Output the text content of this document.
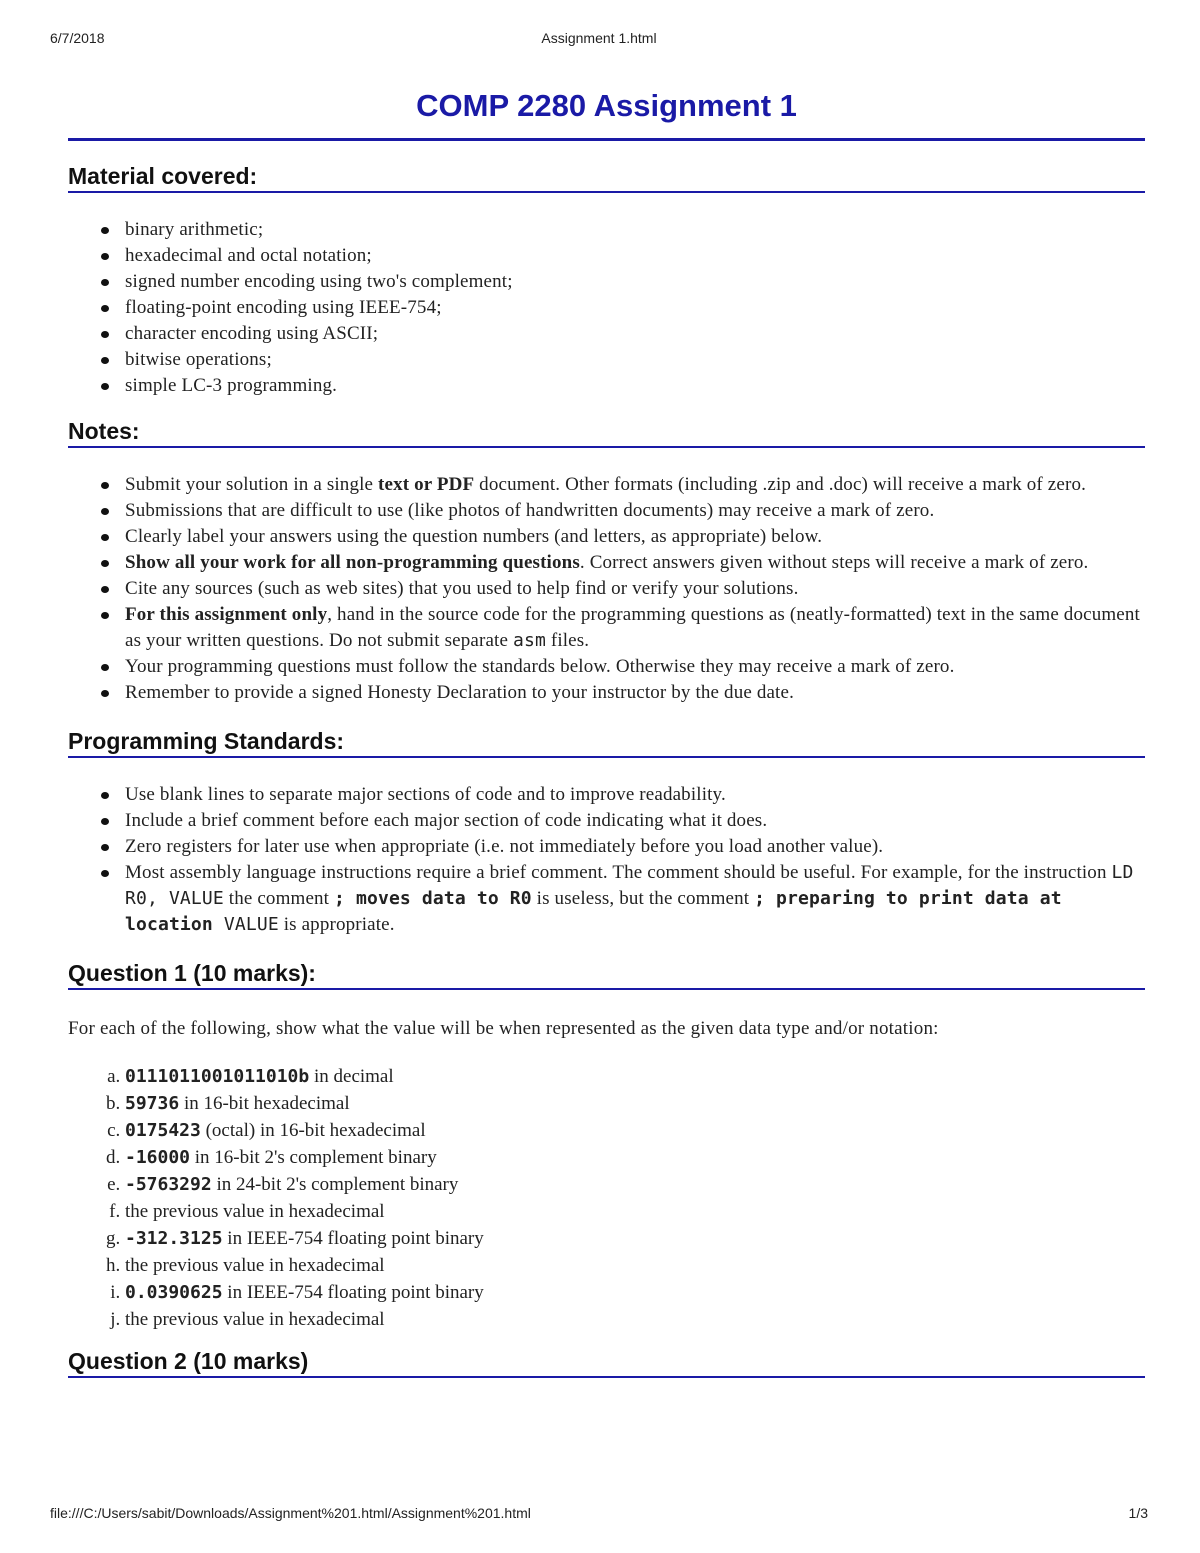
6/7/2018	Assignment 1.html
COMP 2280 Assignment 1
Material covered:
binary arithmetic;
hexadecimal and octal notation;
signed number encoding using two's complement;
floating-point encoding using IEEE-754;
character encoding using ASCII;
bitwise operations;
simple LC-3 programming.
Notes:
Submit your solution in a single text or PDF document. Other formats (including .zip and .doc) will receive a mark of zero.
Submissions that are difficult to use (like photos of handwritten documents) may receive a mark of zero.
Clearly label your answers using the question numbers (and letters, as appropriate) below.
Show all your work for all non-programming questions. Correct answers given without steps will receive a mark of zero.
Cite any sources (such as web sites) that you used to help find or verify your solutions.
For this assignment only, hand in the source code for the programming questions as (neatly-formatted) text in the same document as your written questions. Do not submit separate asm files.
Your programming questions must follow the standards below. Otherwise they may receive a mark of zero.
Remember to provide a signed Honesty Declaration to your instructor by the due date.
Programming Standards:
Use blank lines to separate major sections of code and to improve readability.
Include a brief comment before each major section of code indicating what it does.
Zero registers for later use when appropriate (i.e. not immediately before you load another value).
Most assembly language instructions require a brief comment. The comment should be useful. For example, for the instruction LD R0, VALUE the comment ; moves data to R0 is useless, but the comment ; preparing to print data at location VALUE is appropriate.
Question 1 (10 marks):

For each of the following, show what the value will be when represented as the given data type and/or notation:

a. 0111011001011010b in decimal
b. 59736 in 16-bit hexadecimal
c. 0175423 (octal) in 16-bit hexadecimal
d. -16000 in 16-bit 2's complement binary
e. -5763292 in 24-bit 2's complement binary
f. the previous value in hexadecimal
g. -312.3125 in IEEE-754 floating point binary
h. the previous value in hexadecimal
i. 0.0390625 in IEEE-754 floating point binary
j. the previous value in hexadecimal
Question 2 (10 marks)
file:///C:/Users/sabit/Downloads/Assignment%201.html/Assignment%201.html	1/3
